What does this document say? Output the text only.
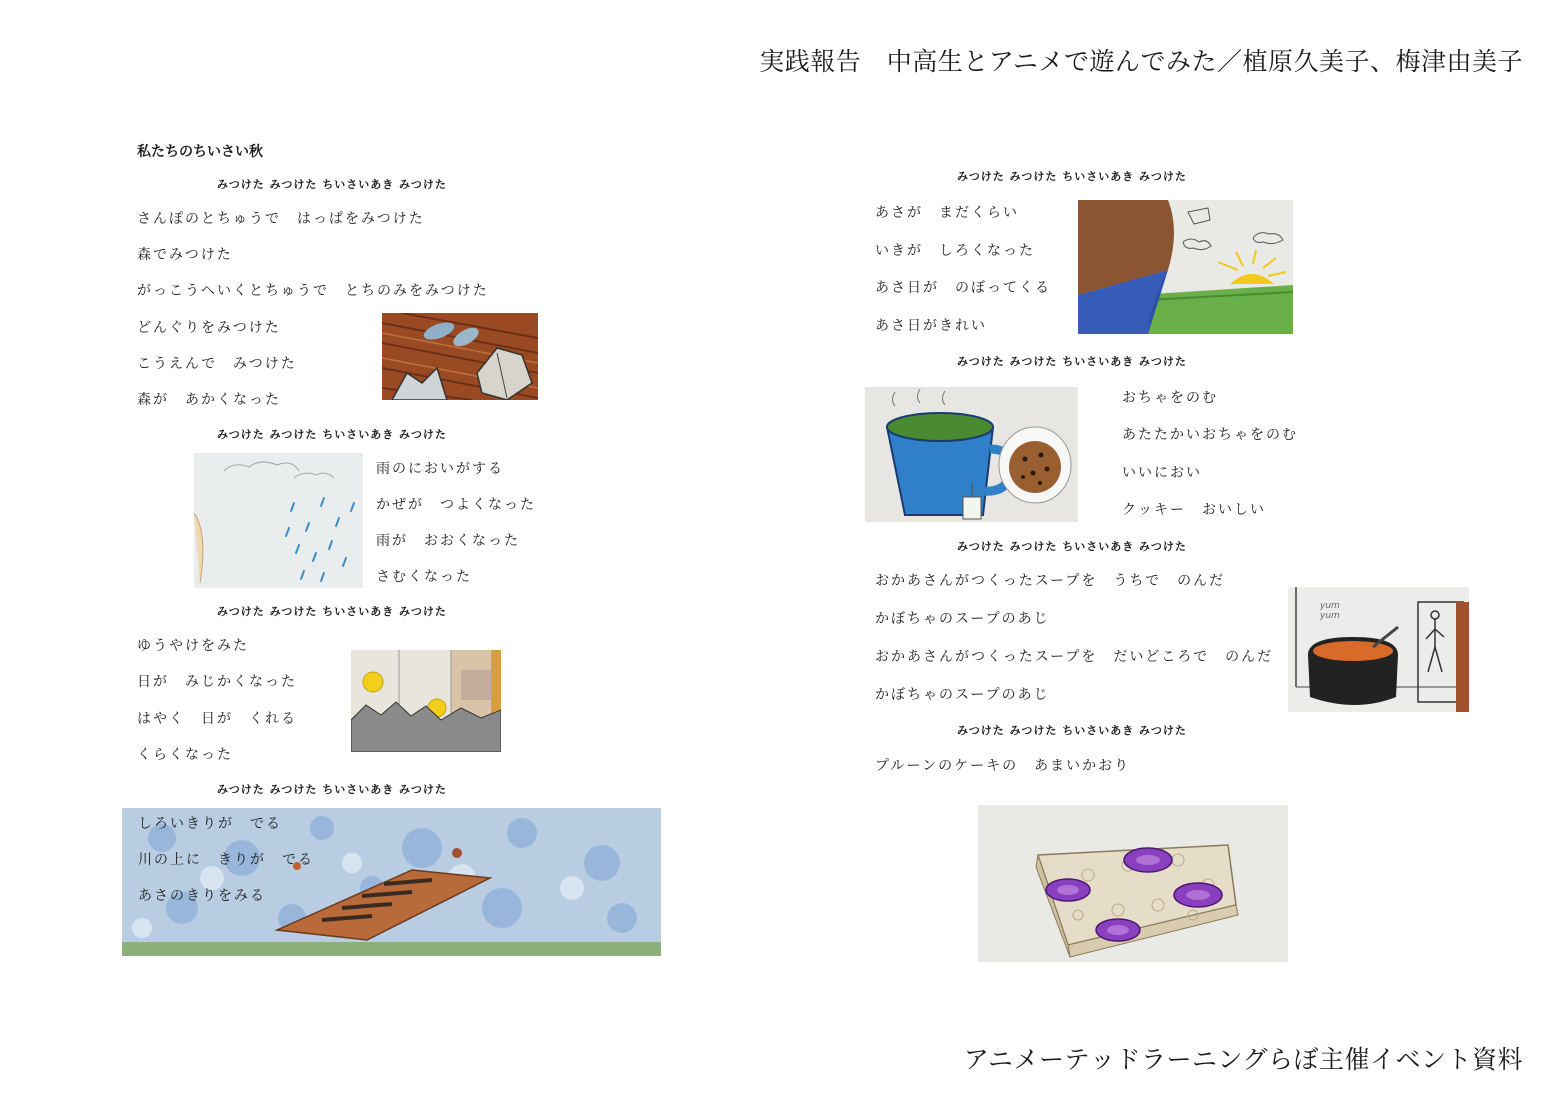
実践報告　中高生とアニメで遊んでみた／植原久美子、梅津由美子
アニメーテッドラーニングらぼ主催イベント資料
私たちのちいさい秋
みつけた みつけた ちいさいあき みつけた
さんぽのとちゅうで　はっぱをみつけた
森でみつけた
がっこうへいくとちゅうで　とちのみをみつけた
どんぐりをみつけた
こうえんで　みつけた
森が　あかくなった
みつけた みつけた ちいさいあき みつけた
雨のにおいがする
かぜが　つよくなった
雨が　おおくなった
さむくなった
みつけた みつけた ちいさいあき みつけた
ゆうやけをみた
日が　みじかくなった
はやく　日が　くれる
くらくなった
みつけた みつけた ちいさいあき みつけた
しろいきりが　でる
川の上に　きりが　でる
あさのきりをみる
みつけた みつけた ちいさいあき みつけた
あさが　まだくらい
いきが　しろくなった
あさ日が　のぼってくる
あさ日がきれい
みつけた みつけた ちいさいあき みつけた
おちゃをのむ
あたたかいおちゃをのむ
いいにおい
クッキー　おいしい
みつけた みつけた ちいさいあき みつけた
おかあさんがつくったスープを　うちで　のんだ
かぼちゃのスープのあじ
おかあさんがつくったスープを　だいどころで　のんだ
かぼちゃのスープのあじ
yum yum
みつけた みつけた ちいさいあき みつけた
プルーンのケーキの　あまいかおり
